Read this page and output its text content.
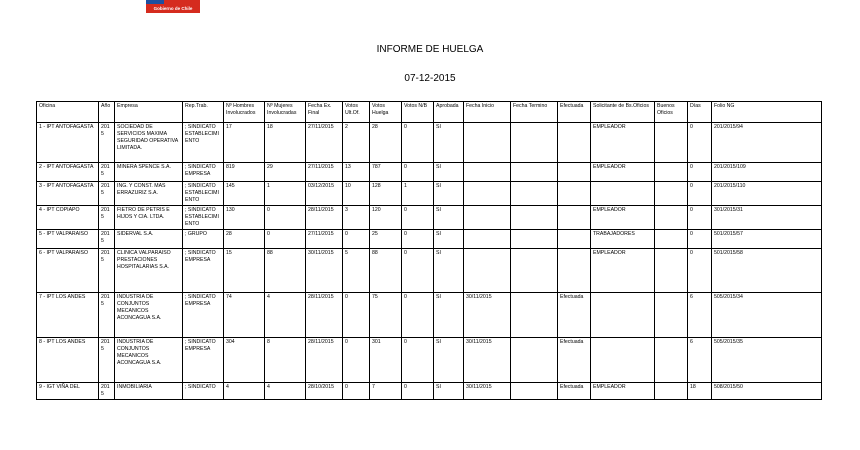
Gobierno de Chile
INFORME DE HUELGA
07-12-2015
Oficina	Año	Empresa	Rep.Trab.	Nº Hombres Involucrados	Nº Mujeres Involucradas	Fecha Ex. Final	Votos Ult.Of.	Votos Huelga	Votos N/B	Aprobada	Fecha Inicio	Fecha Termino	Efectuada	Solicitante de Bs.Oficios	Buenos Oficios	Días	Folio NG
1 - IPT ANTOFAGASTA	2015	SOCIEDAD DE SERVICIOS MAXIMA SEGURIDAD OPERATIVA LIMITADA.	; SINDICATO ESTABLECIMIENTO	17	18	27/11/2015	2	28	0	SI				EMPLEADOR		0	201/2015/94
2 - IPT ANTOFAGASTA	2015	MINERA SPENCE S.A.	; SINDICATO EMPRESA	819	29	27/11/2015	13	787	0	SI				EMPLEADOR		0	201/2015/109
3 - IPT ANTOFAGASTA	2015	ING. Y CONST. MAS ERRAZURIZ S.A.	; SINDICATO ESTABLECIMIENTO	145	1	03/12/2015	10	128	1	SI						0	201/2015/110
4 - IPT COPIAPO	2015	FIETRO DE PETRIS E HIJOS Y CIA. LTDA.	; SINDICATO ESTABLECIMIENTO	130	0	28/11/2015	3	120	0	SI				EMPLEADOR		0	301/2015/31
5 - IPT VALPARAISO	2015	SIDERVAL S.A.	; GRUPO	28	0	27/11/2015	0	25	0	SI				TRABAJADORES		0	501/2015/57
6 - IPT VALPARAISO	2015	CLINICA VALPARAISO PRESTACIONES HOSPITALARIAS S.A.	; SINDICATO EMPRESA	15	88	30/11/2015	5	88	0	SI				EMPLEADOR		0	501/2015/58
7 - IPT LOS ANDES	2015	INDUSTRIA DE CONJUNTOS MECANICOS ACONCAGUA S.A.	; SINDICATO EMPRESA	74	4	28/11/2015	0	75	0	SI	30/11/2015		Efectuada			6	505/2015/34
8 - IPT LOS ANDES	2015	INDUSTRIA DE CONJUNTOS MECANICOS ACONCAGUA S.A.	; SINDICATO EMPRESA	304	8	28/11/2015	0	301	0	SI	30/11/2015		Efectuada			6	505/2015/35
9 - IGT VIÑA DEL	2015	INMOBILIARIA	; SINDICATO	4	4	28/10/2015	0	7	0	SI	30/11/2015		Efectuada	EMPLEADOR		18	508/2015/50
